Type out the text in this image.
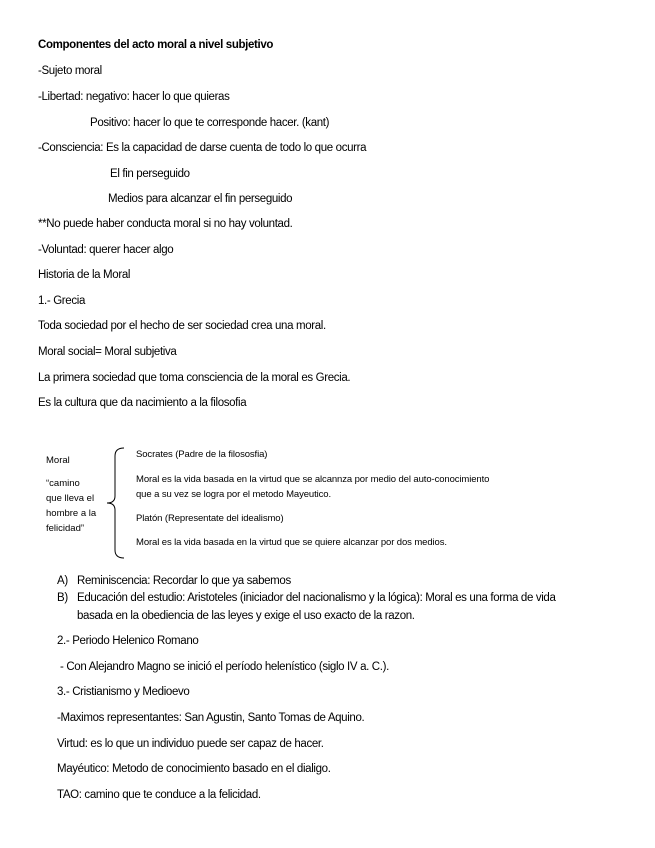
Componentes del acto moral a nivel subjetivo
-Sujeto moral
-Libertad: negativo: hacer lo que quieras
Positivo: hacer lo que te corresponde hacer. (kant)
-Consciencia: Es la capacidad de darse cuenta de todo lo que ocurra
El fin perseguido
Medios para alcanzar el fin perseguido
**No puede haber conducta moral si no hay voluntad.
-Voluntad: querer hacer algo
Historia de la Moral
1.- Grecia
Toda sociedad por el hecho de ser sociedad crea una moral.
Moral social= Moral subjetiva
La primera sociedad que toma consciencia de la moral es Grecia.
Es la cultura que da nacimiento a la filosofia
Moral
“camino
que lleva el
hombre a la
felicidad”
Socrates (Padre de la filososfia)
Moral es la vida basada en la virtud que se alcannza por medio del auto-conocimiento
que a su vez se logra por el metodo Mayeutico.
Platón (Representate del idealismo)
Moral es la vida basada en la virtud que se quiere alcanzar por dos medios.
A) Reminiscencia: Recordar lo que ya sabemos
B) Educación del estudio: Aristoteles (iniciador del nacionalismo y la lógica): Moral es una forma de vida
basada en la obediencia de las leyes y exige el uso exacto de la razon.
2.- Periodo Helenico Romano
- Con Alejandro Magno se inició el período helenístico (siglo IV a. C.).
3.- Cristianismo y Medioevo
-Maximos representantes: San Agustin, Santo Tomas de Aquino.
Virtud: es lo que un individuo puede ser capaz de hacer.
Mayéutico: Metodo de conocimiento basado en el dialigo.
TAO: camino que te conduce a la felicidad.
